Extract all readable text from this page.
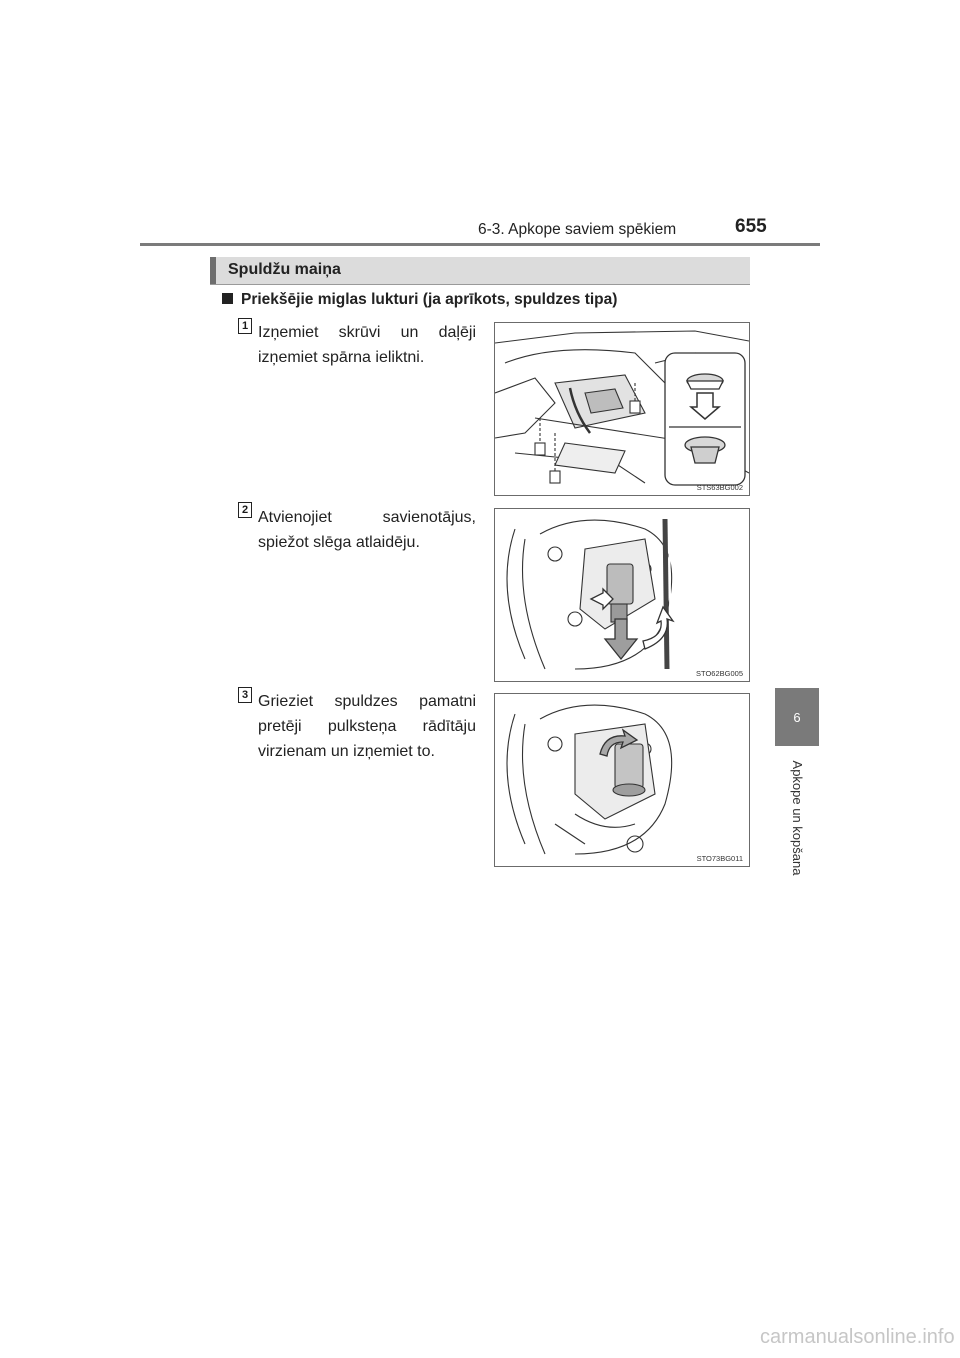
6-3. Apkope saviem spēkiem	655
6
Apkope un kopšana
Spuldžu maiņa
Priekšējie miglas lukturi (ja aprīkots, spuldzes tipa)
1 Izņemiet skrūvi un daļēji izņemiet spārna ieliktni.
STS63BG002
2 Atvienojiet savienotājus, spiežot slēga atlaidēju.
STO62BG005
3 Grieziet spuldzes pamatni pretēji pulksteņa rādītāju virzienam un izņemiet to.
STO73BG011
carmanualsonline.info
